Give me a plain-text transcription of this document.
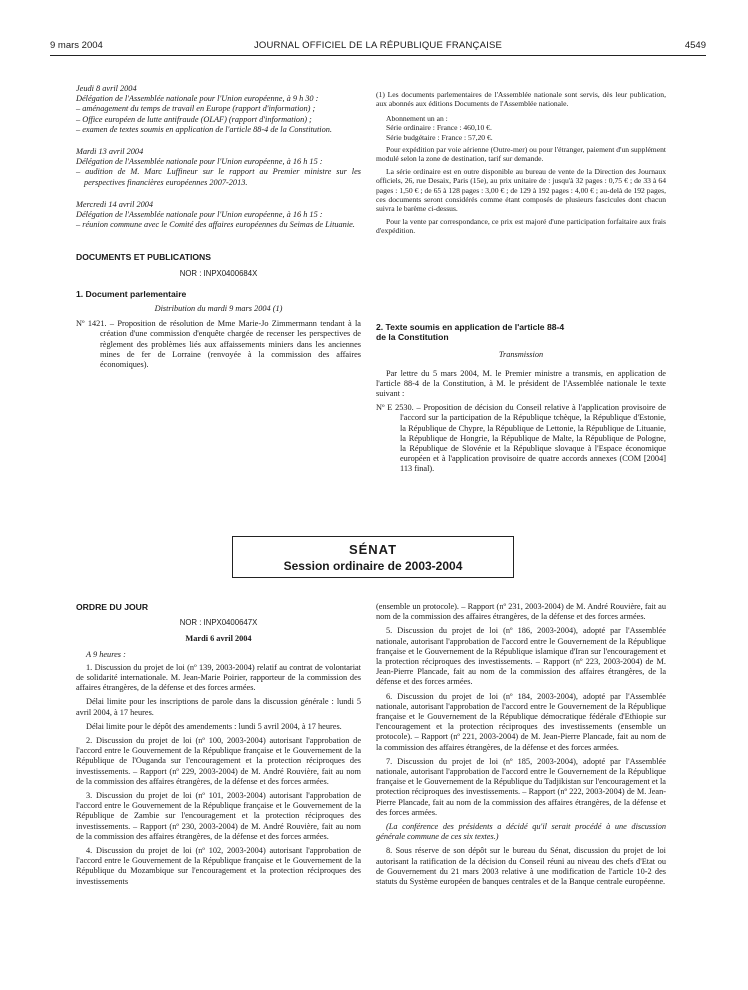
9 mars 2004	JOURNAL OFFICIEL DE LA RÉPUBLIQUE FRANÇAISE	4549

Jeudi 8 avril 2004

Délégation de l'Assemblée nationale pour l'Union européenne, à 9 h 30 :

– aménagement du temps de travail en Europe (rapport d'information) ;

– Office européen de lutte antifraude (OLAF) (rapport d'information) ;

– examen de textes soumis en application de l'article 88-4 de la Constitution.

Mardi 13 avril 2004

Délégation de l'Assemblée nationale pour l'Union européenne, à 16 h 15 :

– audition de M. Marc Luffineur sur le rapport au Premier ministre sur les perspectives financières européennes 2007-2013.

Mercredi 14 avril 2004

Délégation de l'Assemblée nationale pour l'Union européenne, à 16 h 15 :

– réunion commune avec le Comité des affaires européennes du Seimas de Lituanie.

DOCUMENTS ET PUBLICATIONS

NOR : INPX0400684X

1. Document parlementaire

Distribution du mardi 9 mars 2004 (1)

Nº 1421. – Proposition de résolution de Mme Marie-Jo Zimmermann tendant à la création d'une commission d'enquête chargée de recenser les perspectives de règlement des problèmes liés aux affaissements miniers dans les anciennes mines de fer de Lorraine (renvoyée à la commission des affaires économiques).

(1) Les documents parlementaires de l'Assemblée nationale sont servis, dès leur publication, aux abonnés aux éditions Documents de l'Assemblée nationale.

Abonnement un an :

Série ordinaire : France : 460,10 €.

Série budgétaire : France : 57,20 €.

Pour expédition par voie aérienne (Outre-mer) ou pour l'étranger, paiement d'un supplément modulé selon la zone de destination, tarif sur demande.

La série ordinaire est en outre disponible au bureau de vente de la Direction des Journaux officiels, 26, rue Desaix, Paris (15e), au prix unitaire de : jusqu'à 32 pages : 0,75 € ; de 33 à 64 pages : 1,50 € ; de 65 à 128 pages : 3,00 € ; de 129 à 192 pages : 4,00 € ; au-delà de 192 pages, ces documents seront considérés comme étant composés de plusieurs fascicules dont chacun suivra le barème ci-dessus.

Pour la vente par correspondance, ce prix est majoré d'une participation forfaitaire aux frais d'expédition.

2. Texte soumis en application de l'article 88-4

de la Constitution

Transmission

Par lettre du 5 mars 2004, M. le Premier ministre a transmis, en application de l'article 88-4 de la Constitution, à M. le président de l'Assemblée nationale le texte suivant :

Nº E 2530. – Proposition de décision du Conseil relative à l'application provisoire de l'accord sur la participation de la République tchèque, la République d'Estonie, la République de Chypre, la République de Lettonie, la République de Lituanie, la République de Hongrie, la République de Malte, la République de Pologne, la République de Slovénie et la République slovaque à l'Espace économique européen et à l'application provisoire de quatre accords annexes (COM [2004] 113 final).

SÉNAT
Session ordinaire de 2003-2004

ORDRE DU JOUR

NOR : INPX0400647X

Mardi 6 avril 2004

A 9 heures :

1. Discussion du projet de loi (nº 139, 2003-2004) relatif au contrat de volontariat de solidarité internationale. M. Jean-Marie Poirier, rapporteur de la commission des affaires étrangères, de la défense et des forces armées.

Délai limite pour les inscriptions de parole dans la discussion générale : lundi 5 avril 2004, à 17 heures.

Délai limite pour le dépôt des amendements : lundi 5 avril 2004, à 17 heures.

2. Discussion du projet de loi (nº 100, 2003-2004) autorisant l'approbation de l'accord entre le Gouvernement de la République française et le Gouvernement de la République de l'Ouganda sur l'encouragement et la protection réciproques des investissements. – Rapport (nº 229, 2003-2004) de M. André Rouvière, fait au nom de la commission des affaires étrangères, de la défense et des forces armées.

3. Discussion du projet de loi (nº 101, 2003-2004) autorisant l'approbation de l'accord entre le Gouvernement de la République française et le Gouvernement de la République de Zambie sur l'encouragement et la protection réciproques des investissements. – Rapport (nº 230, 2003-2004) de M. André Rouvière, fait au nom de la commission des affaires étrangères, de la défense et des forces armées.

4. Discussion du projet de loi (nº 102, 2003-2004) autorisant l'approbation de l'accord entre le Gouvernement de la République française et le Gouvernement de la République du Mozambique sur l'encouragement et la protection réciproques des investissements

(ensemble un protocole). – Rapport (nº 231, 2003-2004) de M. André Rouvière, fait au nom de la commission des affaires étrangères, de la défense et des forces armées.

5. Discussion du projet de loi (nº 186, 2003-2004), adopté par l'Assemblée nationale, autorisant l'approbation de l'accord entre le Gouvernement de la République française et le Gouvernement de la République islamique d'Iran sur l'encouragement et la protection réciproques des investissements. – Rapport (nº 223, 2003-2004) de M. Jean-Pierre Plancade, fait au nom de la commission des affaires étrangères, de la défense et des forces armées.

6. Discussion du projet de loi (nº 184, 2003-2004), adopté par l'Assemblée nationale, autorisant l'approbation de l'accord entre le Gouvernement de la République française et le Gouvernement de la République démocratique fédérale d'Ethiopie sur l'encouragement et la protection réciproques des investissements (ensemble un protocole). – Rapport (nº 221, 2003-2004) de M. Jean-Pierre Plancade, fait au nom de la commission des affaires étrangères, de la défense et des forces armées.

7. Discussion du projet de loi (nº 185, 2003-2004), adopté par l'Assemblée nationale, autorisant l'approbation de l'accord entre le Gouvernement de la République française et le Gouvernement de la République du Tadjikistan sur l'encouragement et la protection réciproques des investissements. – Rapport (nº 222, 2003-2004) de M. Jean-Pierre Plancade, fait au nom de la commission des affaires étrangères, de la défense et des forces armées.

(La conférence des présidents a décidé qu'il serait procédé à une discussion générale commune de ces six textes.)

8. Sous réserve de son dépôt sur le bureau du Sénat, discussion du projet de loi autorisant la ratification de la décision du Conseil réuni au niveau des chefs d'Etat ou de Gouvernement du 21 mars 2003 relative à une modification de l'article 10-2 des statuts du Système européen de banques centrales et de la Banque centrale européenne.
